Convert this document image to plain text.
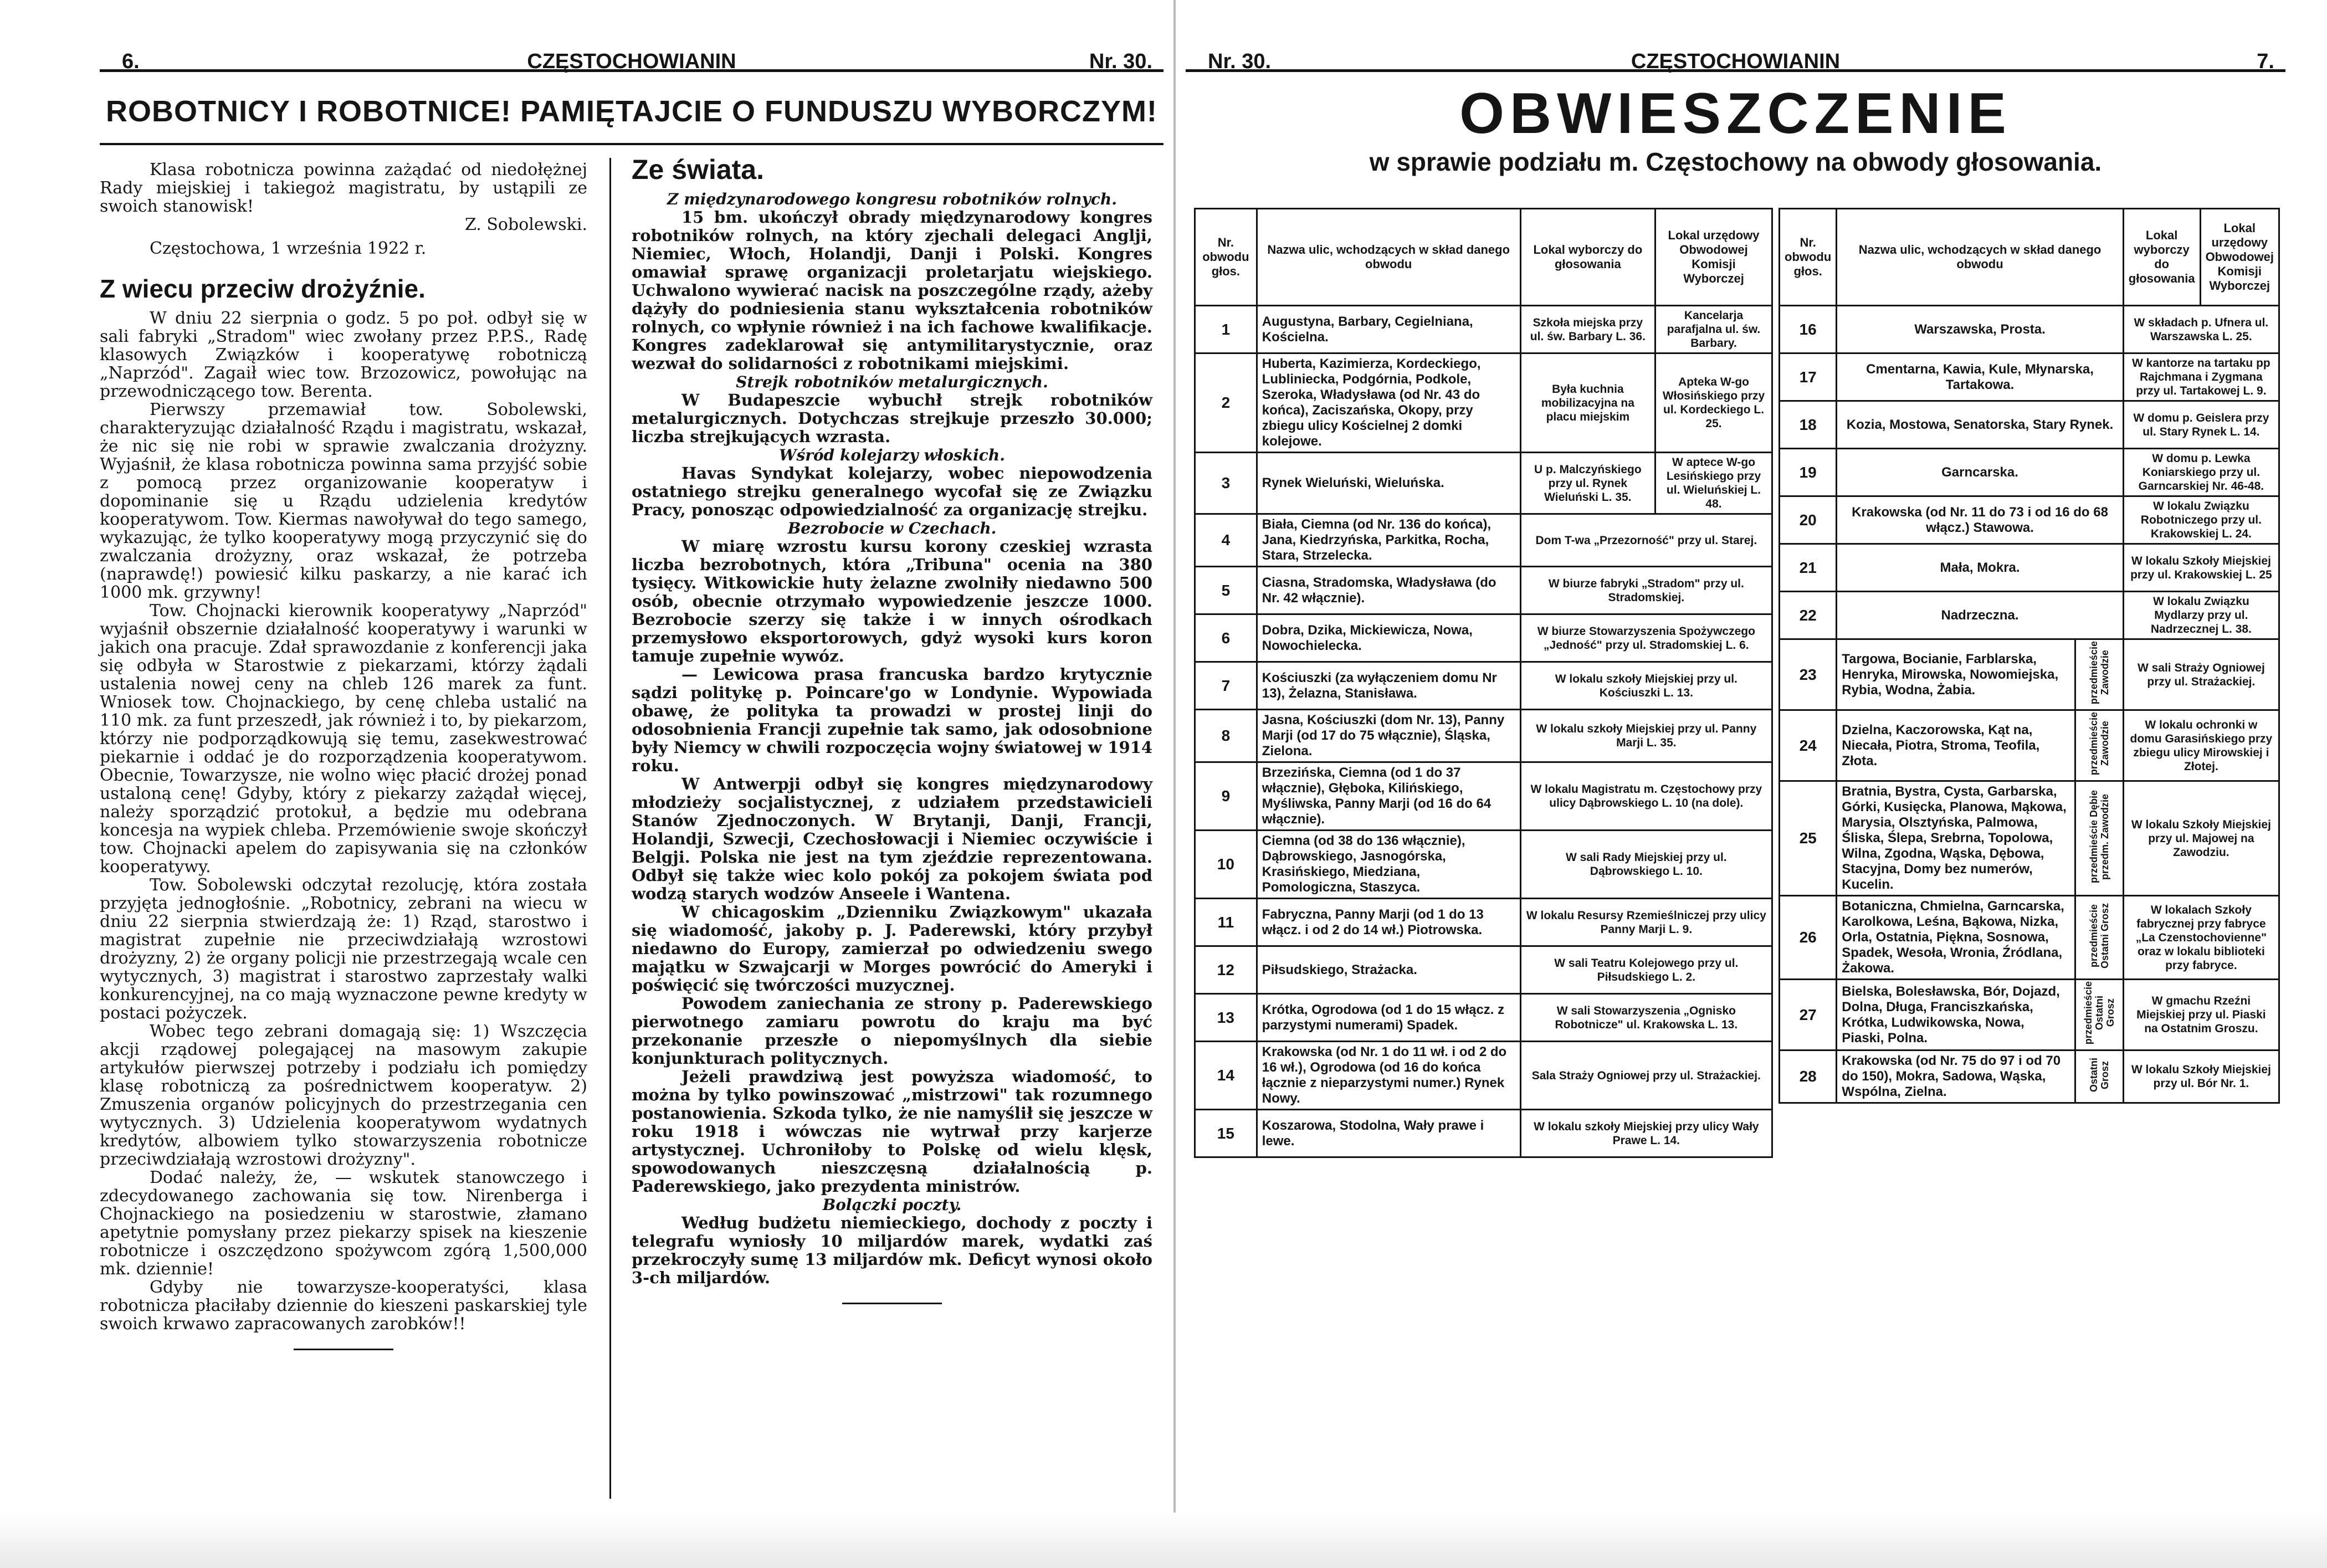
6.	CZĘSTOCHOWIANIN	Nr. 30.
ROBOTNICY I ROBOTNICE! PAMIĘTAJCIE O FUNDUSZU WYBORCZYM!

Klasa robotnicza powinna zażądać od niedołężnej Rady miejskiej i takiegoż magistratu, by ustąpili ze swoich stanowisk!

Z. Sobolewski.

Częstochowa, 1 września 1922 r.

Z wiecu przeciw drożyźnie.

W dniu 22 sierpnia o godz. 5 po poł. odbył się w sali fabryki „Stradom" wiec zwołany przez P.P.S., Radę klasowych Związków i kooperatywę robotniczą „Naprzód". Zagaił wiec tow. Brzozowicz, powołując na przewodniczącego tow. Berenta.

Pierwszy przemawiał tow. Sobolewski, charakteryzując działalność Rządu i magistratu, wskazał, że nic się nie robi w sprawie zwalczania drożyzny. Wyjaśnił, że klasa robotnicza powinna sama przyjść sobie z pomocą przez organizowanie kooperatyw i dopominanie się u Rządu udzielenia kredytów kooperatywom. Tow. Kiermas nawoływał do tego samego, wykazując, że tylko kooperatywy mogą przyczynić się do zwalczania drożyzny, oraz wskazał, że potrzeba (naprawdę!) powiesić kilku paskarzy, a nie karać ich 1000 mk. grzywny!

Tow. Chojnacki kierownik kooperatywy „Naprzód" wyjaśnił obszernie działalność kooperatywy i warunki w jakich ona pracuje. Zdał sprawozdanie z konferencji jaka się odbyła w Starostwie z piekarzami, którzy żądali ustalenia nowej ceny na chleb 126 marek za funt. Wniosek tow. Chojnackiego, by cenę chleba ustalić na 110 mk. za funt przeszedł, jak również i to, by piekarzom, którzy nie podporządkowują się temu, zasekwestrować piekarnie i oddać je do rozporządzenia kooperatywom. Obecnie, Towarzysze, nie wolno więc płacić drożej ponad ustaloną cenę! Gdyby, który z piekarzy zażądał więcej, należy sporządzić protokuł, a będzie mu odebrana koncesja na wypiek chleba. Przemówienie swoje skończył tow. Chojnacki apelem do zapisywania się na członków kooperatywy.

Tow. Sobolewski odczytał rezolucję, która została przyjęta jednogłośnie. „Robotnicy, zebrani na wiecu w dniu 22 sierpnia stwierdzają że: 1) Rząd, starostwo i magistrat zupełnie nie przeciwdziałają wzrostowi drożyzny, 2) że organy policji nie przestrzegają wcale cen wytycznych, 3) magistrat i starostwo zaprzestały walki konkurencyjnej, na co mają wyznaczone pewne kredyty w postaci pożyczek.

Wobec tego zebrani domagają się: 1) Wszczęcia akcji rządowej polegającej na masowym zakupie artykułów pierwszej potrzeby i podziału ich pomiędzy klasę robotniczą za pośrednictwem kooperatyw. 2) Zmuszenia organów policyjnych do przestrzegania cen wytycznych. 3) Udzielenia kooperatywom wydatnych kredytów, albowiem tylko stowarzyszenia robotnicze przeciwdziałają wzrostowi drożyzny".

Dodać należy, że, — wskutek stanowczego i zdecydowanego zachowania się tow. Nirenberga i Chojnackiego na posiedzeniu w starostwie, złamano apetytnie pomysłany przez piekarzy spisek na kieszenie robotnicze i oszczędzono spożywcom zgórą 1,500,000 mk. dziennie!

Gdyby nie towarzysze-kooperatyści, klasa robotnicza płaciłaby dziennie do kieszeni paskarskiej tyle swoich krwawo zapracowanych zarobków!!

Ze świata.

Z międzynarodowego kongresu robotników rolnych.

15 bm. ukończył obrady międzynarodowy kongres robotników rolnych, na który zjechali delegaci Anglji, Niemiec, Włoch, Holandji, Danji i Polski. Kongres omawiał sprawę organizacji proletarjatu wiejskiego. Uchwalono wywierać nacisk na poszczególne rządy, ażeby dążyły do podniesienia stanu wykształcenia robotników rolnych, co wpłynie również i na ich fachowe kwalifikacje. Kongres zadeklarował się antymilitarystycznie, oraz wezwał do solidarności z robotnikami miejskimi.

Strejk robotników metalurgicznych.

W Budapeszcie wybuchł strejk robotników metalurgicznych. Dotychczas strejkuje przeszło 30.000; liczba strejkujących wzrasta.

Wśród kolejarzy włoskich.

Havas Syndykat kolejarzy, wobec niepowodzenia ostatniego strejku generalnego wycofał się ze Związku Pracy, ponosząc odpowiedzialność za organizację strejku.

Bezrobocie w Czechach.

W miarę wzrostu kursu korony czeskiej wzrasta liczba bezrobotnych, która „Tribuna" ocenia na 380 tysięcy. Witkowickie huty żelazne zwolniły niedawno 500 osób, obecnie otrzymało wypowiedzenie jeszcze 1000. Bezrobocie szerzy się także i w innych ośrodkach przemysłowo eksportorowych, gdyż wysoki kurs koron tamuje zupełnie wywóz.

— Lewicowa prasa francuska bardzo krytycznie sądzi politykę p. Poincare'go w Londynie. Wypowiada obawę, że polityka ta prowadzi w prostej linji do odosobnienia Francji zupełnie tak samo, jak odosobnione były Niemcy w chwili rozpoczęcia wojny światowej w 1914 roku.

W Antwerpji odbył się kongres międzynarodowy młodzieży socjalistycznej, z udziałem przedstawicieli Stanów Zjednoczonych. W Brytanji, Danji, Francji, Holandji, Szwecji, Czechosłowacji i Niemiec oczywiście i Belgji. Polska nie jest na tym zjeździe reprezentowana. Odbył się także wiec kolo pokój za pokojem świata pod wodzą starych wodzów Anseele i Wantena.

W chicagoskim „Dzienniku Związkowym" ukazała się wiadomość, jakoby p. J. Paderewski, który przybył niedawno do Europy, zamierzał po odwiedzeniu swego majątku w Szwajcarji w Morges powrócić do Ameryki i poświęcić się twórczości muzycznej.

Powodem zaniechania ze strony p. Paderewskiego pierwotnego zamiaru powrotu do kraju ma być przekonanie przeszłe o niepomyślnych dla siebie konjunkturach politycznych.

Jeżeli prawdziwą jest powyższa wiadomość, to można by tylko powinszować „mistrzowi" tak rozumnego postanowienia. Szkoda tylko, że nie namyślił się jeszcze w roku 1918 i wówczas nie wytrwał przy karjerze artystycznej. Uchroniłoby to Polskę od wielu klęsk, spowodowanych nieszczęsną działalnością p. Paderewskiego, jako prezydenta ministrów.

Bolączki poczty.

Według budżetu niemieckiego, dochody z poczty i telegrafu wyniosły 10 miljardów marek, wydatki zaś przekroczyły sumę 13 miljardów mk. Deficyt wynosi około 3-ch miljardów.

Nr. 30.	CZĘSTOCHOWIANIN	7.
OBWIESZCZENIE
w sprawie podziału m. Częstochowy na obwody głosowania.
Nr. obwodu głos.	Nazwa ulic, wchodzących w skład danego obwodu	Lokal wyborczy do głosowania	Lokal urzędowy Obwodowej Komisji Wyborczej
1	Augustyna, Barbary, Cegielniana, Kościelna.	Szkoła miejska przy ul. św. Barbary L. 36.	Kancelarja parafjalna ul. św. Barbary.
2	Huberta, Kazimierza, Kordeckiego, Lubliniecka, Podgórnia, Podkole, Szeroka, Władysława (od Nr. 43 do końca), Zaciszańska, Okopy, przy zbiegu ulicy Kościelnej 2 domki kolejowe.	Była kuchnia mobilizacyjna na placu miejskim	Apteka W-go Włosińskiego przy ul. Kordeckiego L. 25.
3	Rynek Wieluński, Wieluńska.	U p. Malczyńskiego przy ul. Rynek Wieluński L. 35.	W aptece W-go Lesińskiego przy ul. Wieluńskiej L. 48.
4	Biała, Ciemna (od Nr. 136 do końca), Jana, Kiedrzyńska, Parkitka, Rocha, Stara, Strzelecka.	Dom T-wa „Przezorność" przy ul. Starej.	
5	Ciasna, Stradomska, Władysława (do Nr. 42 włącznie).	W biurze fabryki „Stradom" przy ul. Stradomskiej.	
6	Dobra, Dzika, Mickiewicza, Nowa, Nowochielecka.	W biurze Stowarzyszenia Spożywczego „Jedność" przy ul. Stradomskiej L. 6.	
7	Kościuszki (za wyłączeniem domu Nr 13), Żelazna, Stanisława.	W lokalu szkoły Miejskiej przy ul. Kościuszki L. 13.	
8	Jasna, Kościuszki (dom Nr. 13), Panny Marji (od 17 do 75 włącznie), Śląska, Zielona.	W lokalu szkoły Miejskiej przy ul. Panny Marji L. 35.	
9	Brzezińska, Ciemna (od 1 do 37 włącznie), Głęboka, Kilińskiego, Myśliwska, Panny Marji (od 16 do 64 włącznie).	W lokalu Magistratu m. Częstochowy przy ulicy Dąbrowskiego L. 10 (na dole).	
10	Ciemna (od 38 do 136 włącznie), Dąbrowskiego, Jasnogórska, Krasińskiego, Miedziana, Pomologiczna, Staszyca.	W sali Rady Miejskiej przy ul. Dąbrowskiego L. 10.	
11	Fabryczna, Panny Marji (od 1 do 13 włącz. i od 2 do 14 wł.) Piotrowska.	W lokalu Resursy Rzemieślniczej przy ulicy Panny Marji L. 9.	
12	Piłsudskiego, Strażacka.	W sali Teatru Kolejowego przy ul. Piłsudskiego L. 2.	
13	Krótka, Ogrodowa (od 1 do 15 włącz. z parzystymi numerami) Spadek.	W sali Stowarzyszenia „Ognisko Robotnicze" ul. Krakowska L. 13.	
14	Krakowska (od Nr. 1 do 11 wł. i od 2 do 16 wł.), Ogrodowa (od 16 do końca łącznie z nieparzystymi numer.) Rynek Nowy.	Sala Straży Ogniowej przy ul. Strażackiej.	
15	Koszarowa, Stodolna, Wały prawe i lewe.	W lokalu szkoły Miejskiej przy ulicy Wały Prawe L. 14.	
Nr. obwodu głos.	Nazwa ulic, wchodzących w skład danego obwodu		Lokal wyborczy do głosowania	Lokal urzędowy Obwodowej Komisji Wyborczej
16	Warszawska, Prosta.		W składach p. Ufnera ul. Warszawska L. 25.	
17	Cmentarna, Kawia, Kule, Młynarska, Tartakowa.		W kantorze na tartaku pp Rajchmana i Zygmana przy ul. Tartakowej L. 9.	
18	Kozia, Mostowa, Senatorska, Stary Rynek.		W domu p. Geislera przy ul. Stary Rynek L. 14.	
19	Garncarska.		W domu p. Lewka Koniarskiego przy ul. Garncarskiej Nr. 46-48.	
20	Krakowska (od Nr. 11 do 73 i od 16 do 68 włącz.) Stawowa.		W lokalu Związku Robotniczego przy ul. Krakowskiej L. 24.	
21	Mała, Mokra.		W lokalu Szkoły Miejskiej przy ul. Krakowskiej L. 25	
22	Nadrzeczna.		W lokalu Związku Mydlarzy przy ul. Nadrzecznej L. 38.	
23	Targowa, Bocianie, Farblarska, Henryka, Mirowska, Nowomiejska, Rybia, Wodna, Żabia.	przedmieście Zawodzie	W sali Straży Ogniowej przy ul. Strażackiej.	
24	Dzielna, Kaczorowska, Kąt na, Niecała, Piotra, Stroma, Teofila, Złota.	przedmieście Zawodzie	W lokalu ochronki w domu Garasińskiego przy zbiegu ulicy Mirowskiej i Złotej.	
25	Bratnia, Bystra, Cysta, Garbarska, Górki, Kusięcka, Planowa, Mąkowa, Marysia, Olsztyńska, Palmowa, Śliska, Ślepa, Srebrna, Topolowa, Wilna, Zgodna, Wąska, Dębowa, Stacyjna, Domy bez numerów, Kucelin.	przedmieście Dębie przedm. Zawodzie	W lokalu Szkoły Miejskiej przy ul. Majowej na Zawodziu.	
26	Botaniczna, Chmielna, Garncarska, Karolkowa, Leśna, Bąkowa, Nizka, Orla, Ostatnia, Piękna, Sosnowa, Spadek, Wesoła, Wronia, Źródlana, Żakowa.	przedmieście Ostatni Grosz	W lokalach Szkoły fabrycznej przy fabryce „La Czenstochovienne" oraz w lokalu biblioteki przy fabryce.	
27	Bielska, Bolesławska, Bór, Dojazd, Dolna, Długa, Franciszkańska, Krótka, Ludwikowska, Nowa, Piaski, Polna.	przedmieście Ostatni Grosz	W gmachu Rzeźni Miejskiej przy ul. Piaski na Ostatnim Groszu.	
28	Krakowska (od Nr. 75 do 97 i od 70 do 150), Mokra, Sadowa, Wąska, Wspólna, Zielna.	Ostatni Grosz	W lokalu Szkoły Miejskiej przy ul. Bór Nr. 1.	
